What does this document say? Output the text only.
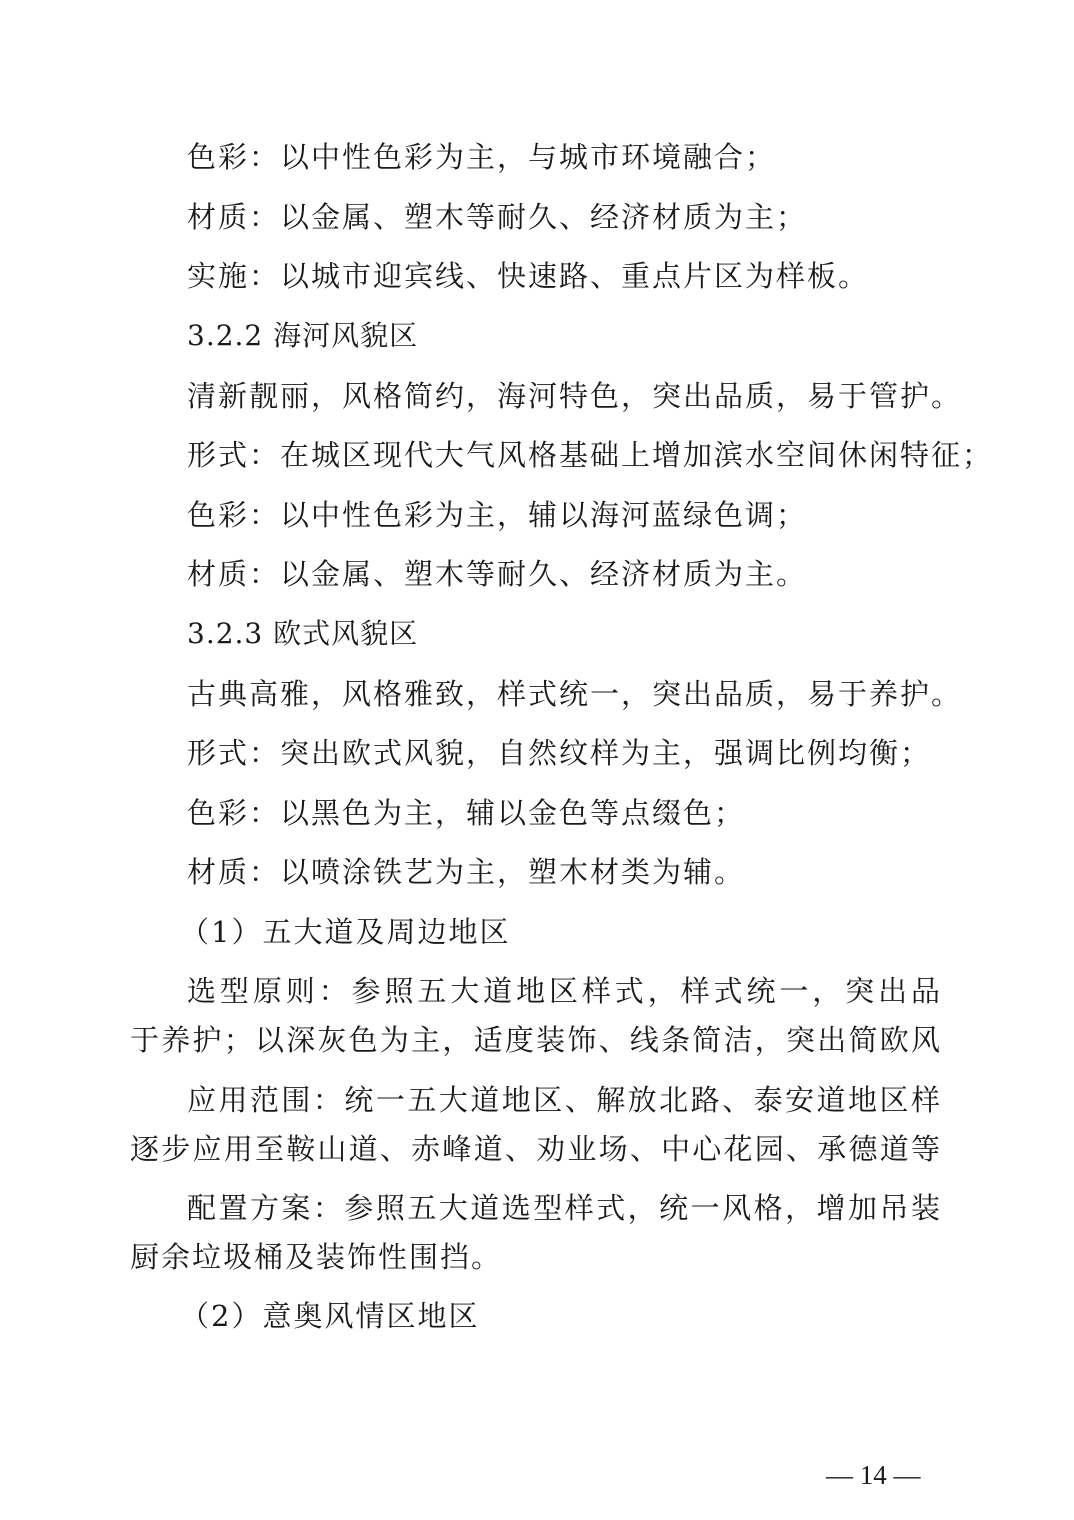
色彩：以中性色彩为主，与城市环境融合；
材质：以金属、塑木等耐久、经济材质为主；
实施：以城市迎宾线、快速路、重点片区为样板。
3.2.2 海河风貌区
清新靓丽，风格简约，海河特色，突出品质，易于管护。
形式：在城区现代大气风格基础上增加滨水空间休闲特征；
色彩：以中性色彩为主，辅以海河蓝绿色调；
材质：以金属、塑木等耐久、经济材质为主。
3.2.3 欧式风貌区
古典高雅，风格雅致，样式统一，突出品质，易于养护。
形式：突出欧式风貌，自然纹样为主，强调比例均衡；
色彩：以黑色为主，辅以金色等点缀色；
材质：以喷涂铁艺为主，塑木材类为辅。
（1）五大道及周边地区
选型原则：参照五大道地区样式，样式统一，突出品
于养护；以深灰色为主，适度装饰、线条简洁，突出简欧风
应用范围：统一五大道地区、解放北路、泰安道地区样
逐步应用至鞍山道、赤峰道、劝业场、中心花园、承德道等
配置方案：参照五大道选型样式，统一风格，增加吊装
厨余垃圾桶及装饰性围挡。
（2）意奥风情区地区
— 14 —
